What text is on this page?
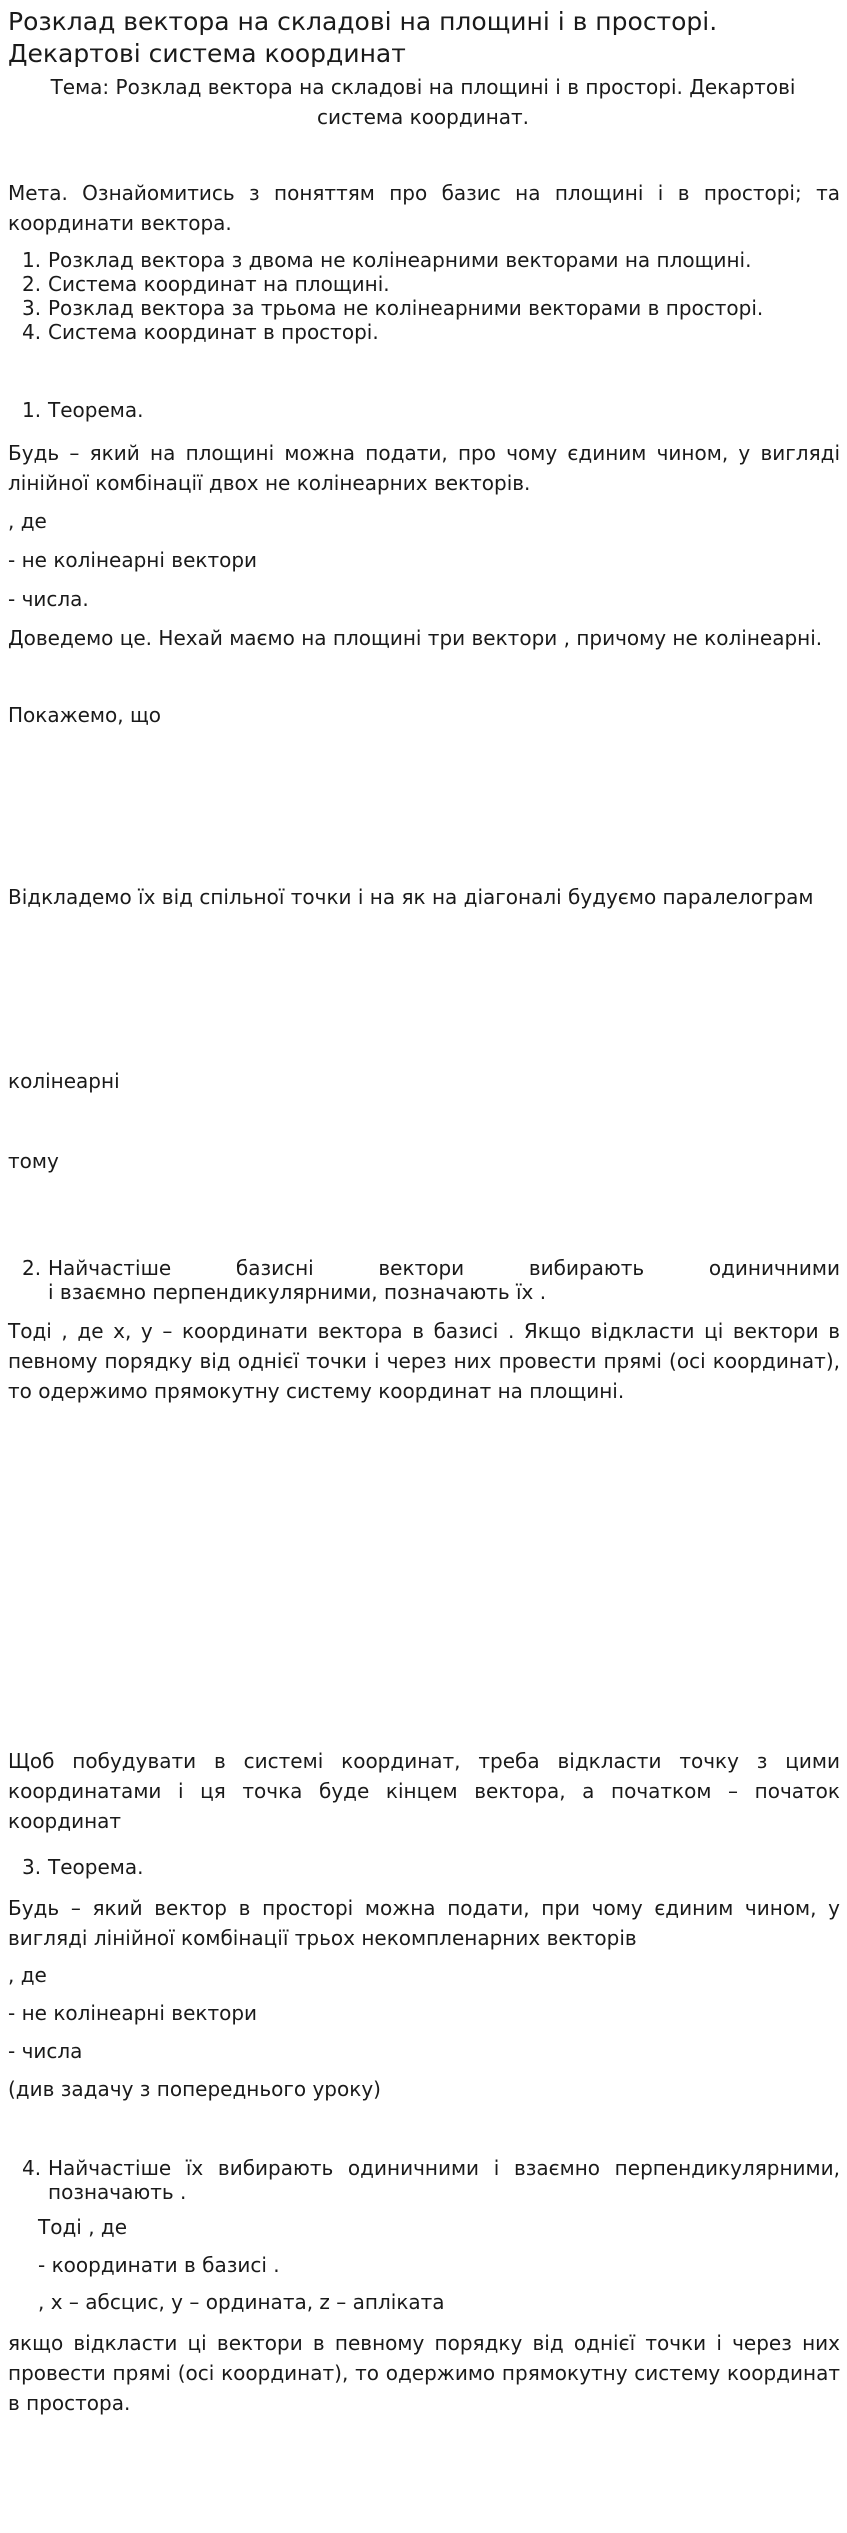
Розклад вектора на складові на площині і в просторі. Декартові система координат
Тема: Розклад вектора на складові на площині і в просторі. Декартові система координат.
Мета. Ознайомитись з поняттям про базис на площині і в просторі; та координати вектора.
1. Розклад вектора з двома не колінеарними векторами на площині.
2. Система координат на площині.
3. Розклад вектора за трьома не колінеарними векторами в просторі.
4. Система координат в просторі.
1. Теорема.
Будь – який на площині можна подати, про чому єдиним чином, у вигляді лінійної комбінації двох не колінеарних векторів.
, де
- не колінеарні вектори
- числа.
Доведемо це. Нехай маємо на площині три вектори , причому не колінеарні.
Покажемо, що
Відкладемо їх від спільної точки і на як на діагоналі будуємо паралелограм
колінеарні
тому
2. Найчастіше	базисні	вектори	вибирають	одиничними
і взаємно перпендикулярними, позначають їх .
Тоді , де х, у – координати вектора в базисі . Якщо відкласти ці вектори в певному порядку від однієї точки і через них провести прямі (осі координат), то одержимо прямокутну систему координат на площині.
Щоб побудувати в системі координат, треба відкласти точку з цими координатами і ця точка буде кінцем вектора, а початком – початок координат
3. Теорема.
Будь – який вектор в просторі можна подати, при чому єдиним чином, у вигляді лінійної комбінації трьох некомпленарних векторів
, де
- не колінеарні вектори
- числа
(див задачу з попереднього уроку)
4. Найчастіше їх вибирають одиничними і взаємно перпендикулярними,
позначають .
Тоді , де
- координати в базисі .
, х – абсцис, у – ордината, z – апліката
якщо відкласти ці вектори в певному порядку від однієї точки і через них провести прямі (осі координат), то одержимо прямокутну систему координат в простора.
